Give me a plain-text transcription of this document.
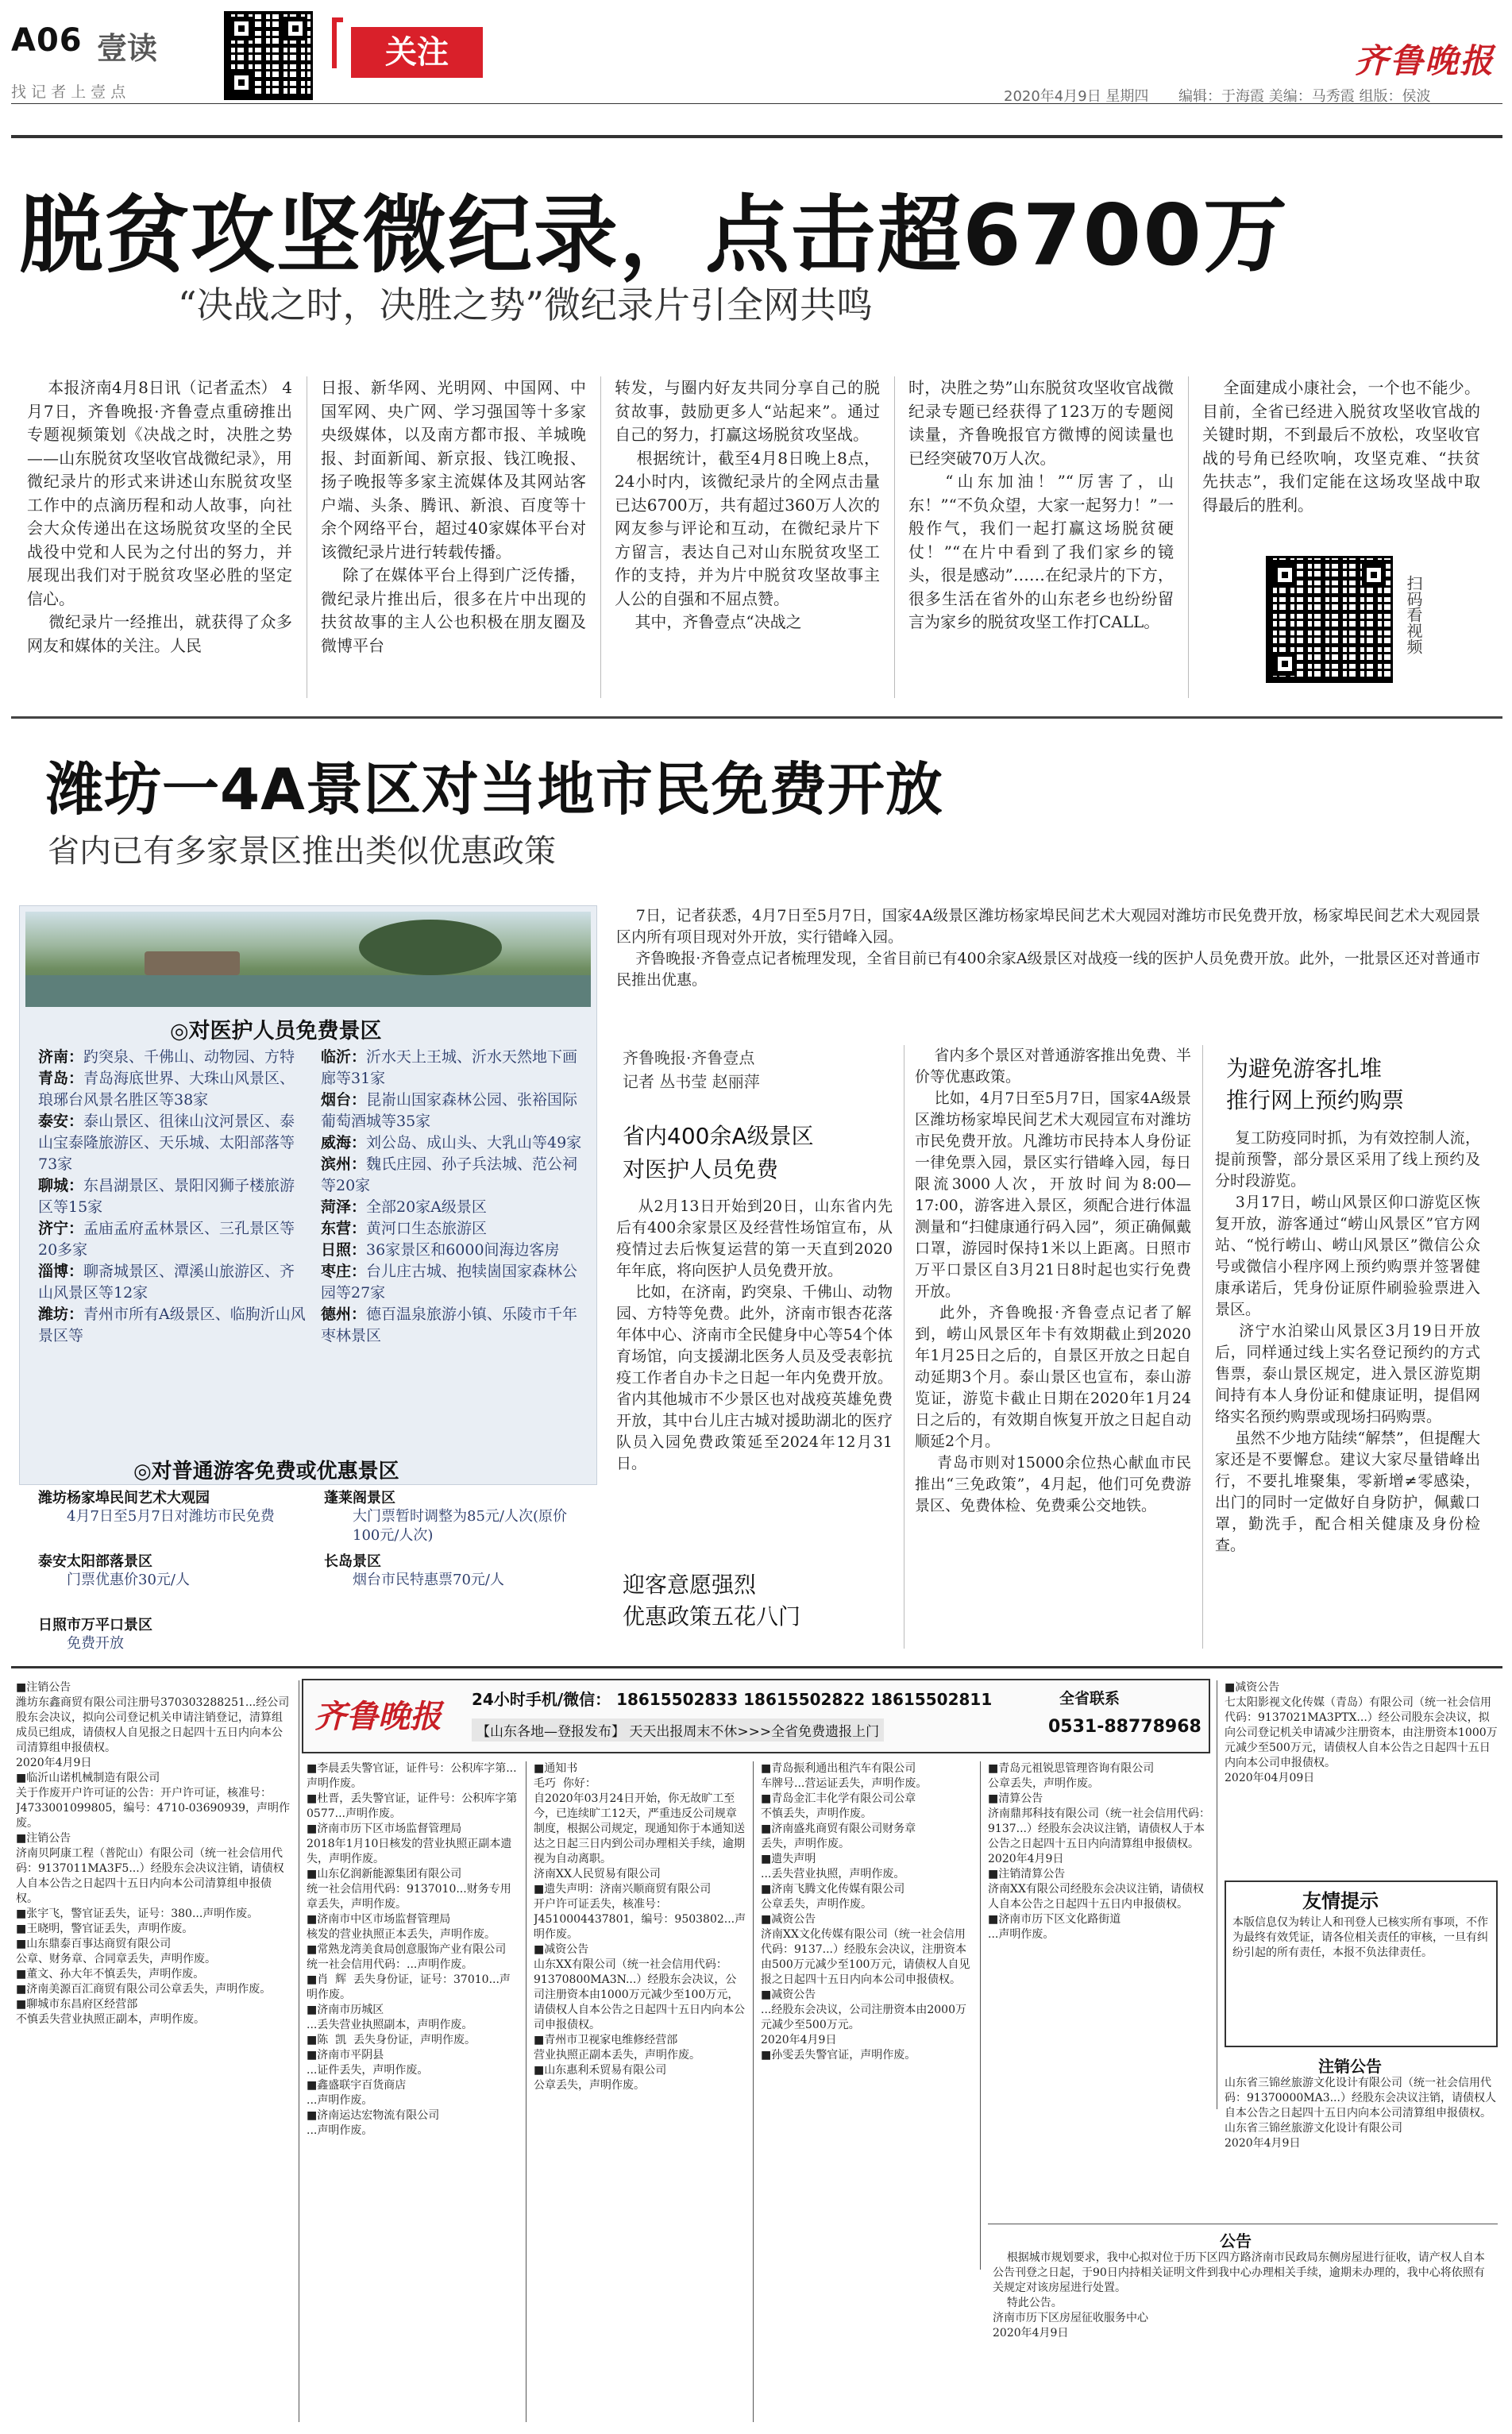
A06 壹读
找 记 者 上 壹 点
关注	齐鲁晚报
2020年4月9日 星期四 编辑：于海霞 美编：马秀霞 组版：侯波
脱贫攻坚微纪录，点击超6700万
“决战之时，决胜之势”微纪录片引全网共鸣
本报济南4月8日讯（记者孟杰） 4月7日，齐鲁晚报·齐鲁壹点重磅推出专题视频策划《决战之时，决胜之势——山东脱贫攻坚收官战微纪录》，用微纪录片的形式来讲述山东脱贫攻坚工作中的点滴历程和动人故事，向社会大众传递出在这场脱贫攻坚的全民战役中党和人民为之付出的努力，并展现出我们对于脱贫攻坚必胜的坚定信心。
微纪录片一经推出，就获得了众多网友和媒体的关注。人民
日报、新华网、光明网、中国网、中国军网、央广网、学习强国等十多家央级媒体，以及南方都市报、羊城晚报、封面新闻、新京报、钱江晚报、扬子晚报等多家主流媒体及其网站客户端、头条、腾讯、新浪、百度等十余个网络平台，超过40家媒体平台对该微纪录片进行转载传播。
除了在媒体平台上得到广泛传播，微纪录片推出后，很多在片中出现的扶贫故事的主人公也积极在朋友圈及微博平台
转发，与圈内好友共同分享自己的脱贫故事，鼓励更多人“站起来”。通过自己的努力，打赢这场脱贫攻坚战。
根据统计，截至4月8日晚上8点，24小时内，该微纪录片的全网点击量已达6700万，共有超过360万人次的网友参与评论和互动，在微纪录片下方留言，表达自己对山东脱贫攻坚工作的支持，并为片中脱贫攻坚故事主人公的自强和不屈点赞。
其中，齐鲁壹点“决战之
时，决胜之势”山东脱贫攻坚收官战微纪录专题已经获得了123万的专题阅读量，齐鲁晚报官方微博的阅读量也已经突破70万人次。
“山东加油！”“厉害了，山东！”“不负众望，大家一起努力！”一般作气，我们一起打赢这场脱贫硬仗！”“在片中看到了我们家乡的镜头，很是感动”……在纪录片的下方，很多生活在省外的山东老乡也纷纷留言为家乡的脱贫攻坚工作打CALL。
全面建成小康社会，一个也不能少。目前，全省已经进入脱贫攻坚收官战的关键时期，不到最后不放松，攻坚收官战的号角已经吹响，攻坚克难、“扶贫先扶志”，我们定能在这场攻坚战中取得最后的胜利。
扫码看视频
潍坊一4A景区对当地市民免费开放
省内已有多家景区推出类似优惠政策
◎对医护人员免费景区
济南：趵突泉、千佛山、动物园、方特
青岛：青岛海底世界、大珠山风景区、琅琊台风景名胜区等38家
泰安：泰山景区、徂徕山汶河景区、泰山宝泰隆旅游区、天乐城、太阳部落等73家
聊城：东昌湖景区、景阳冈狮子楼旅游区等15家
济宁：孟庙孟府孟林景区、三孔景区等20多家
淄博：聊斋城景区、潭溪山旅游区、齐山风景区等12家
潍坊：青州市所有A级景区、临朐沂山风景区等
临沂：沂水天上王城、沂水天然地下画廊等31家
烟台：昆嵛山国家森林公园、张裕国际葡萄酒城等35家
威海：刘公岛、成山头、大乳山等49家
滨州：魏氏庄园、孙子兵法城、范公祠等20家
菏泽：全部20家A级景区
东营：黄河口生态旅游区
日照：36家景区和6000间海边客房
枣庄：台儿庄古城、抱犊崮国家森林公园等27家
德州：德百温泉旅游小镇、乐陵市千年枣林景区
◎对普通游客免费或优惠景区
潍坊杨家埠民间艺术大观园
4月7日至5月7日对潍坊市民免费
泰安太阳部落景区
门票优惠价30元/人
日照市万平口景区
免费开放
蓬莱阁景区
大门票暂时调整为85元/人次(原价100元/人次)
长岛景区
烟台市民特惠票70元/人
7日，记者获悉，4月7日至5月7日，国家4A级景区潍坊杨家埠民间艺术大观园对潍坊市民免费开放，杨家埠民间艺术大观园景区内所有项目现对外开放，实行错峰入园。
齐鲁晚报·齐鲁壹点记者梳理发现，全省目前已有400余家A级景区对战疫一线的医护人员免费开放。此外，一批景区还对普通市民推出优惠。
齐鲁晚报·齐鲁壹点
记者 丛书莹 赵丽萍
省内400余A级景区
对医护人员免费
从2月13日开始到20日，山东省内先后有400余家景区及经营性场馆宣布，从疫情过去后恢复运营的第一天直到2020年年底，将向医护人员免费开放。
比如，在济南，趵突泉、千佛山、动物园、方特等免费。此外，济南市银杏花落年体中心、济南市全民健身中心等54个体育场馆，向支援湖北医务人员及受表彰抗疫工作者自办卡之日起一年内免费开放。省内其他城市不少景区也对战疫英雄免费开放，其中台儿庄古城对援助湖北的医疗队员入园免费政策延至2024年12月31日。
迎客意愿强烈
优惠政策五花八门
省内多个景区对普通游客推出免费、半价等优惠政策。
比如，4月7日至5月7日，国家4A级景区潍坊杨家埠民间艺术大观园宣布对潍坊市民免费开放。凡潍坊市民持本人身份证一律免票入园，景区实行错峰入园，每日限流3000人次，开放时间为8:00—17:00，游客进入景区，须配合进行体温测量和“扫健康通行码入园”，须正确佩戴口罩，游园时保持1米以上距离。日照市万平口景区自3月21日8时起也实行免费开放。
此外，齐鲁晚报·齐鲁壹点记者了解到，崂山风景区年卡有效期截止到2020年1月25日之后的，自景区开放之日起自动延期3个月。泰山景区也宣布，泰山游览证，游览卡截止日期在2020年1月24日之后的，有效期自恢复开放之日起自动顺延2个月。
青岛市则对15000余位热心献血市民推出“三免政策”，4月起，他们可免费游景区、免费体检、免费乘公交地铁。
为避免游客扎堆
推行网上预约购票
复工防疫同时抓，为有效控制人流，提前预警，部分景区采用了线上预约及分时段游览。
3月17日，崂山风景区仰口游览区恢复开放，游客通过“崂山风景区”官方网站、“悦行崂山、崂山风景区”微信公众号或微信小程序网上预约购票并签署健康承诺后，凭身份证原件刷验验票进入景区。
济宁水泊梁山风景区3月19日开放后，同样通过线上实名登记预约的方式售票，泰山景区规定，进入景区游览期间持有本人身份证和健康证明，提倡网络实名预约购票或现场扫码购票。
虽然不少地方陆续“解禁”，但提醒大家还是不要懈怠。建议大家尽量错峰出行，不要扎堆聚集，零新增≠零感染，出门的同时一定做好自身防护，佩戴口罩，勤洗手，配合相关健康及身份检查。
齐鲁晚报 24小时手机/微信： 18615502833 18615502822 18615502811
【山东各地—登报发布】 天天出报周末不休>>>全省免费遗报上门
全省联系
0531-88778968
■注销公告
潍坊东鑫商贸有限公司注册号370303288251...经公司股东会决议，拟向公司登记机关申请注销登记，清算组成员已组成，请债权人自见报之日起四十五日内向本公司清算组申报债权。
2020年4月9日
■临沂山诺机械制造有限公司
关于作废开户许可证的公告：开户许可证，核准号：J4733001099805，编号：4710-03690939，声明作废。
■注销公告
济南贝阿康工程（普陀山）有限公司（统一社会信用代码：9137011MA3F5...）经股东会决议注销，请债权人自本公告之日起四十五日内向本公司清算组申报债权。
■张宇飞，警官证丢失，证号：380...声明作废。
■王晓明，警官证丢失，声明作废。
■山东鼎泰百事达商贸有限公司
公章、财务章、合同章丢失，声明作废。
■董文、孙大年不慎丢失，声明作废。
■济南美源百汇商贸有限公司公章丢失，声明作废。
■聊城市东昌府区经营部
不慎丢失营业执照正副本，声明作废。
■李晨丢失警官证，证件号：公积库字第...声明作废。
■杜晋，丢失警官证，证件号：公积库字第0577...声明作废。
■济南市历下区市场监督管理局
2018年1月10日核发的营业执照正副本遗失，声明作废。
■山东亿润新能源集团有限公司
统一社会信用代码：9137010...财务专用章丢失，声明作废。
■济南市中区市场监督管理局
核发的营业执照正本丢失，声明作废。
■常熟龙湾美食局创意服饰产业有限公司
统一社会信用代码：...声明作废。
■肖  辉  丢失身份证，证号：37010...声明作废。
■济南市历城区
...丢失营业执照副本，声明作废。
■陈  凯  丢失身份证，声明作废。
■济南市平阴县
...证件丢失，声明作废。
■鑫盛联宇百货商店
...声明作废。
■济南运达宏物流有限公司
...声明作废。
■通知书
毛巧  你好：
自2020年03月24日开始，你无故旷工至今，已连续旷工12天，严重违反公司规章制度，根据公司规定，现通知你于本通知送达之日起三日内到公司办理相关手续，逾期视为自动离职。
济南XX人民贸易有限公司
■遗失声明：济南兴顺商贸有限公司
开户许可证丢失，核准号：J4510004437801，编号：9503802...声明作废。
■减资公告
山东XX有限公司（统一社会信用代码：91370800MA3N...）经股东会决议，公司注册资本由1000万元减少至100万元，请债权人自本公告之日起四十五日内向本公司申报债权。
■青州市卫视家电维修经营部
营业执照正副本丢失，声明作废。
■山东惠利禾贸易有限公司
公章丢失，声明作废。
■青岛振利通出租汽车有限公司
车牌号...营运证丢失，声明作废。
■青岛金汇丰化学有限公司公章
不慎丢失，声明作废。
■济南盛兆商贸有限公司财务章
丢失，声明作废。
■遗失声明
...丢失营业执照，声明作废。
■济南飞腾文化传媒有限公司
公章丢失，声明作废。
■减资公告
济南XX文化传媒有限公司（统一社会信用代码：9137...）经股东会决议，注册资本由500万元减少至100万元，请债权人自见报之日起四十五日内向本公司申报债权。
■减资公告
...经股东会决议，公司注册资本由2000万元减少至500万元。
2020年4月9日
■孙雯丢失警官证，声明作废。
■青岛元祖锐思管理咨询有限公司
公章丢失，声明作废。
■清算公告
济南鼎邦科技有限公司（统一社会信用代码：9137...）经股东会决议注销，请债权人于本公告之日起四十五日内向清算组申报债权。
2020年4月9日
■注销清算公告
济南XX有限公司经股东会决议注销，请债权人自本公告之日起四十五日内申报债权。
■济南市历下区文化路街道
...声明作废。
■减资公告
七太阳影视文化传媒（青岛）有限公司（统一社会信用代码：9137021MA3PTX...）经公司股东会决议，拟向公司登记机关申请减少注册资本，由注册资本1000万元减少至500万元，请债权人自本公告之日起四十五日内向本公司申报债权。
2020年04月09日
友情提示
本版信息仅为转让人和刊登人已核实所有事项，不作为最终有效凭证，请各位相关责任的审核，一旦有纠纷引起的所有责任，本报不负法律责任。
注销公告
山东省三锦丝旅游文化设计有限公司（统一社会信用代码：91370000MA3...）经股东会决议注销，请债权人自本公告之日起四十五日内向本公司清算组申报债权。
山东省三锦丝旅游文化设计有限公司
2020年4月9日
公告
根据城市规划要求，我中心拟对位于历下区四方路济南市民政局东侧房屋进行征收，请产权人自本公告刊登之日起，于90日内持相关证明文件到我中心办理相关手续，逾期未办理的，我中心将依照有关规定对该房屋进行处置。
特此公告。
济南市历下区房屋征收服务中心
2020年4月9日
